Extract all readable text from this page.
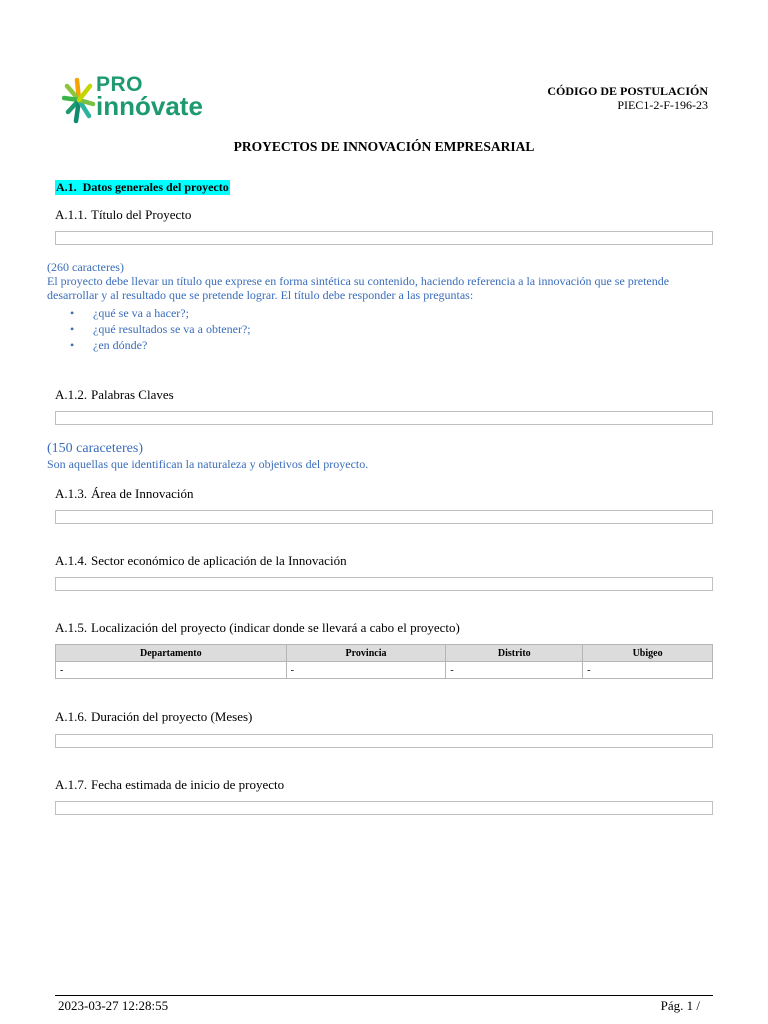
PRO
innóvate	CÓDIGO DE POSTULACIÓN
PIEC1-2-F-196-23
PROYECTOS DE INNOVACIÓN EMPRESARIAL
A.1. Datos generales del proyecto
A.1.1. Título del Proyecto
(260 caracteres)
El proyecto debe llevar un título que exprese en forma sintética su contenido, haciendo referencia a la innovación que se pretende
desarrollar y al resultado que se pretende lograr. El título debe responder a las preguntas:
• ¿qué se va a hacer?;
• ¿qué resultados se va a obtener?;
• ¿en dónde?
A.1.2. Palabras Claves
(150 caraceteres)
Son aquellas que identifican la naturaleza y objetivos del proyecto.
A.1.3. Área de Innovación
A.1.4. Sector económico de aplicación de la Innovación
A.1.5. Localización del proyecto (indicar donde se llevará a cabo el proyecto)
Departamento	Provincia	Distrito	Ubigeo
-	-	-	-
A.1.6. Duración del proyecto (Meses)
A.1.7. Fecha estimada de inicio de proyecto
2023-03-27 12:28:55	Pág. 1 /
